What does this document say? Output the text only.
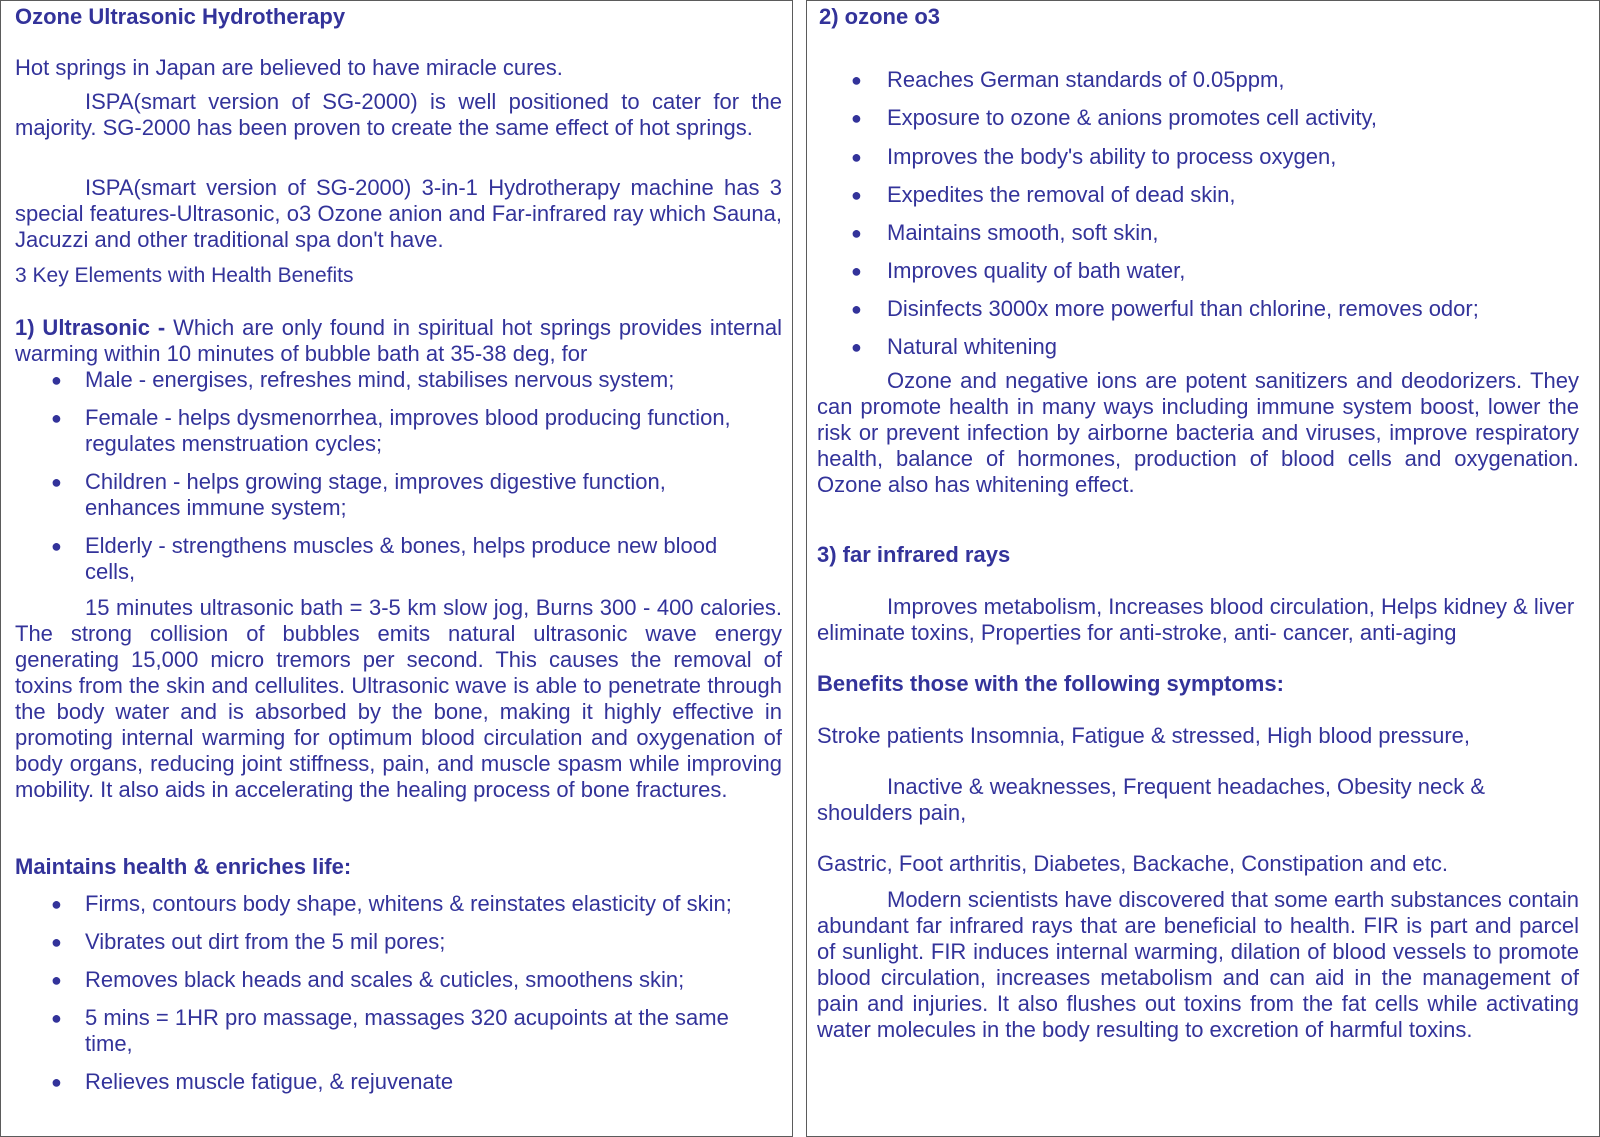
Ozone Ultrasonic Hydrotherapy
Hot springs in Japan are believed to have miracle cures.
ISPA(smart version of SG-2000) is well positioned to cater for the majority. SG-2000 has been proven to create the same effect of hot springs.
ISPA(smart version of SG-2000) 3-in-1 Hydrotherapy machine has 3 special features-Ultrasonic, o3 Ozone anion and Far-infrared ray which Sauna, Jacuzzi and other traditional spa don't have.
3 Key Elements with Health Benefits
1) Ultrasonic - Which are only found in spiritual hot springs provides internal warming within 10 minutes of bubble bath at 35-38 deg, for
● Male - energises, refreshes mind, stabilises nervous system;
● Female - helps dysmenorrhea, improves blood producing function, regulates menstruation cycles;
● Children - helps growing stage, improves digestive function, enhances immune system;
● Elderly - strengthens muscles & bones, helps produce new blood cells,
15 minutes ultrasonic bath = 3-5 km slow jog, Burns 300 - 400 calories. The strong collision of bubbles emits natural ultrasonic wave energy generating 15,000 micro tremors per second. This causes the removal of toxins from the skin and cellulites. Ultrasonic wave is able to penetrate through the body water and is absorbed by the bone, making it highly effective in promoting internal warming for optimum blood circulation and oxygenation of body organs, reducing joint stiffness, pain, and muscle spasm while improving mobility. It also aids in accelerating the healing process of bone fractures.
Maintains health & enriches life:
● Firms, contours body shape, whitens & reinstates elasticity of skin;
● Vibrates out dirt from the 5 mil pores;
● Removes black heads and scales & cuticles, smoothens skin;
● 5 mins = 1HR pro massage, massages 320 acupoints at the same time,
● Relieves muscle fatigue, & rejuvenate
2) ozone o3
● Reaches German standards of 0.05ppm,
● Exposure to ozone & anions promotes cell activity,
● Improves the body's ability to process oxygen,
● Expedites the removal of dead skin,
● Maintains smooth, soft skin,
● Improves quality of bath water,
● Disinfects 3000x more powerful than chlorine, removes odor;
● Natural whitening
Ozone and negative ions are potent sanitizers and deodorizers. They can promote health in many ways including immune system boost, lower the risk or prevent infection by airborne bacteria and viruses, improve respiratory health, balance of hormones, production of blood cells and oxygenation. Ozone also has whitening effect.
3) far infrared rays
Improves metabolism, Increases blood circulation, Helps kidney & liver eliminate toxins, Properties for anti-stroke, anti- cancer, anti-aging
Benefits those with the following symptoms:
Stroke patients Insomnia, Fatigue & stressed, High blood pressure,
Inactive & weaknesses, Frequent headaches, Obesity neck & shoulders pain,
Gastric, Foot arthritis, Diabetes, Backache, Constipation and etc.
Modern scientists have discovered that some earth substances contain abundant far infrared rays that are beneficial to health. FIR is part and parcel of sunlight. FIR induces internal warming, dilation of blood vessels to promote blood circulation, increases metabolism and can aid in the management of pain and injuries. It also flushes out toxins from the fat cells while activating water molecules in the body resulting to excretion of harmful toxins.
